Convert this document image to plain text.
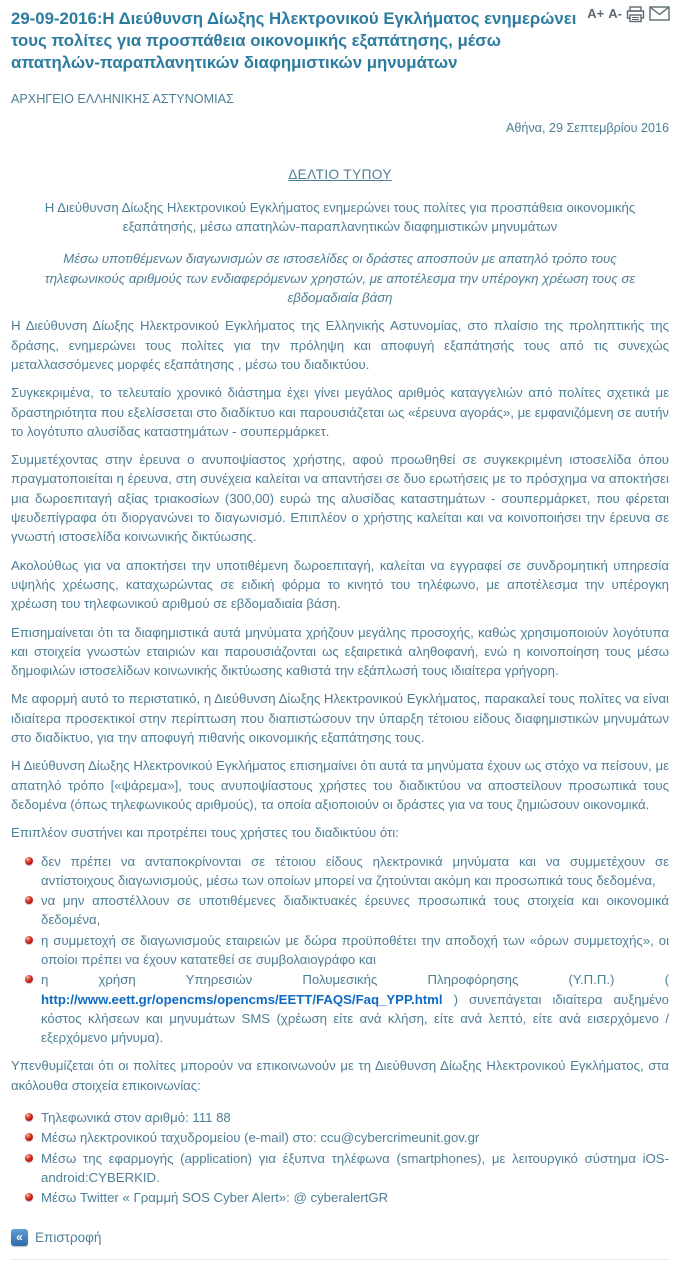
A+ A-
29-09-2016:Η Διεύθυνση Δίωξης Ηλεκτρονικού Εγκλήματος ενημερώνει τους πολίτες για προσπάθεια οικονομικής εξαπάτησης, μέσω απατηλών-παραπλανητικών διαφημιστικών μηνυμάτων
ΑΡΧΗΓΕΙΟ ΕΛΛΗΝΙΚΗΣ ΑΣΤΥΝΟΜΙΑΣ
Αθήνα, 29 Σεπτεμβρίου 2016
ΔΕΛΤΙΟ ΤΥΠΟΥ
Η Διεύθυνση Δίωξης Ηλεκτρονικού Εγκλήματος ενημερώνει τους πολίτες για προσπάθεια οικονομικής εξαπάτησής, μέσω απατηλών-παραπλανητικών διαφημιστικών μηνυμάτων
Μέσω υποτιθέμενων διαγωνισμών σε ιστοσελίδες οι δράστες αποσπούν με απατηλό τρόπο τους τηλεφωνικούς αριθμούς των ενδιαφερόμενων χρηστών, με αποτέλεσμα την υπέρογκη χρέωση τους σε εβδομαδιαία βάση

Η Διεύθυνση Δίωξης Ηλεκτρονικού Εγκλήματος της Ελληνικής Αστυνομίας, στο πλαίσιο της προληπτικής της δράσης, ενημερώνει τους πολίτες για την πρόληψη και αποφυγή εξαπάτησής τους από τις συνεχώς μεταλλασσόμενες μορφές εξαπάτησης , μέσω του διαδικτύου.

Συγκεκριμένα, το τελευταίο χρονικό διάστημα έχει γίνει μεγάλος αριθμός καταγγελιών από πολίτες σχετικά με δραστηριότητα που εξελίσσεται στο διαδίκτυο και παρουσιάζεται ως «έρευνα αγοράς», με εμφανιζόμενη σε αυτήν το λογότυπο αλυσίδας καταστημάτων - σουπερμάρκετ.

Συμμετέχοντας στην έρευνα ο ανυποψίαστος χρήστης, αφού προωθηθεί σε συγκεκριμένη ιστοσελίδα όπου πραγματοποιείται η έρευνα, στη συνέχεια καλείται να απαντήσει σε δυο ερωτήσεις με το πρόσχημα να αποκτήσει μια δωροεπιταγή αξίας τριακοσίων (300,00) ευρώ της αλυσίδας καταστημάτων - σουπερμάρκετ, που φέρεται ψευδεπίγραφα ότι διοργανώνει το διαγωνισμό. Επιπλέον ο χρήστης καλείται και να κοινοποιήσει την έρευνα σε γνωστή ιστοσελίδα κοινωνικής δικτύωσης.

Ακολούθως για να αποκτήσει την υποτιθέμενη δωροεπιταγή, καλείται να εγγραφεί σε συνδρομητική υπηρεσία υψηλής χρέωσης, καταχωρώντας σε ειδική φόρμα το κινητό του τηλέφωνο, με αποτέλεσμα την υπέρογκη χρέωση του τηλεφωνικού αριθμού σε εβδομαδιαία βάση.

Επισημαίνεται ότι τα διαφημιστικά αυτά μηνύματα χρήζουν μεγάλης προσοχής, καθώς χρησιμοποιούν λογότυπα και στοιχεία γνωστών εταιριών και παρουσιάζονται ως εξαιρετικά αληθοφανή, ενώ η κοινοποίηση τους μέσω δημοφιλών ιστοσελίδων κοινωνικής δικτύωσης καθιστά την εξάπλωσή τους ιδιαίτερα γρήγορη.

Με αφορμή αυτό το περιστατικό, η Διεύθυνση Δίωξης Ηλεκτρονικού Εγκλήματος, παρακαλεί τους πολίτες να είναι ιδιαίτερα προσεκτικοί στην περίπτωση που διαπιστώσουν την ύπαρξη τέτοιου είδους διαφημιστικών μηνυμάτων στο διαδίκτυο, για την αποφυγή πιθανής οικονομικής εξαπάτησης τους.

Η Διεύθυνση Δίωξης Ηλεκτρονικού Εγκλήματος επισημαίνει ότι αυτά τα μηνύματα έχουν ως στόχο να πείσουν, με απατηλό τρόπο [«ψάρεμα»], τους ανυποψίαστους χρήστες του διαδικτύου να αποστείλουν προσωπικά τους δεδομένα (όπως τηλεφωνικούς αριθμούς), τα οποία αξιοποιούν οι δράστες για να τους ζημιώσουν οικονομικά.

Επιπλέον συστήνει και προτρέπει τους χρήστες του διαδικτύου ότι:

δεν πρέπει να ανταποκρίνονται σε τέτοιου είδους ηλεκτρονικά μηνύματα και να συμμετέχουν σε αντίστοιχους διαγωνισμούς, μέσω των οποίων μπορεί να ζητούνται ακόμη και προσωπικά τους δεδομένα,
να μην αποστέλλουν σε υποτιθέμενες διαδικτυακές έρευνες προσωπικά τους στοιχεία και οικονομικά δεδομένα,
η συμμετοχή σε διαγωνισμούς εταιρειών με δώρα προϋποθέτει την αποδοχή των «όρων συμμετοχής», οι οποίοι πρέπει να έχουν κατατεθεί σε συμβολαιογράφο και
η χρήση Υπηρεσιών Πολυμεσικής Πληροφόρησης (Υ.Π.Π.) ( http://www.eett.gr/opencms/opencms/EETT/FAQS/Faq_YPP.html ) συνεπάγεται ιδιαίτερα αυξημένο κόστος κλήσεων και μηνυμάτων SMS (χρέωση είτε ανά κλήση, είτε ανά λεπτό, είτε ανά εισερχόμενο / εξερχόμενο μήνυμα).

Υπενθυμίζεται ότι οι πολίτες μπορούν να επικοινωνούν με τη Διεύθυνση Δίωξης Ηλεκτρονικού Εγκλήματος, στα ακόλουθα στοιχεία επικοινωνίας:

Τηλεφωνικά στον αριθμό: 111 88
Μέσω ηλεκτρονικού ταχυδρομείου (e-mail) στο: ccu@cybercrimeunit.gov.gr
Μέσω της εφαρμογής (application) για έξυπνα τηλέφωνα (smartphones), με λειτουργικό σύστημα iOS-android:CYBERKID.
Μέσω Twitter « Γραμμή SOS Cyber Alert»: @ cyberalertGR
« Επιστροφή
